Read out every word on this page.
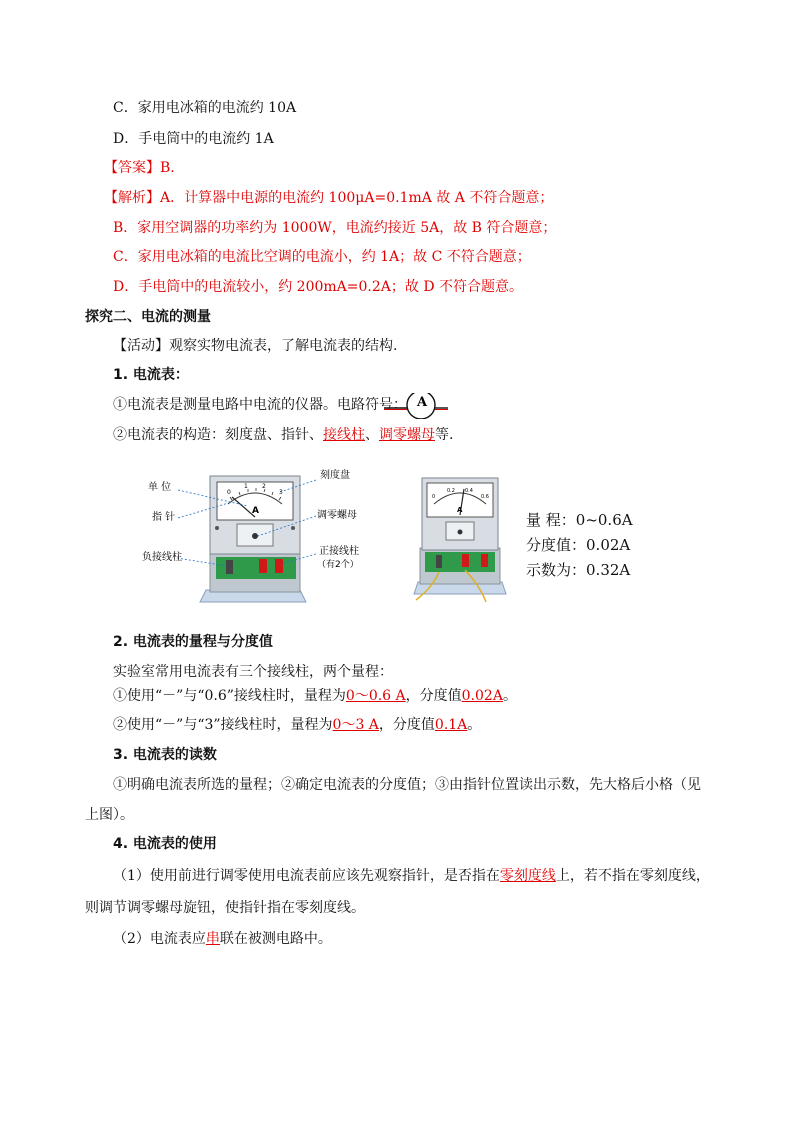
C．家用电冰箱的电流约 10A
D．手电筒中的电流约 1A
【答案】B.
【解析】A．计算器中电源的电流约 100μA=0.1mA 故 A 不符合题意；
B．家用空调器的功率约为 1000W，电流约接近 5A，故 B 符合题意；
C．家用电冰箱的电流比空调的电流小，约 1A；故 C 不符合题意；
D．手电筒中的电流较小，约 200mA=0.2A；故 D 不符合题意。
探究二、电流的测量
【活动】观察实物电流表，了解电流表的结构.
1. 电流表：
①电流表是测量电路中电流的仪器。电路符号： A
②电流表的构造：刻度盘、指针、接线柱、调零螺母等.
0
1 2
3
A
单 位
指 针
负接线柱
刻度盘
调零螺母
正接线柱
（有2个）
0
0.2 0.4
0.6
A
量 程：0~0.6A
分度值：0.02A
示数为：0.32A
2. 电流表的量程与分度值
实验室常用电流表有三个接线柱，两个量程：
①使用“－”与“0.6”接线柱时，量程为0～0.6 A，分度值0.02A。
②使用“－”与“3”接线柱时，量程为0～3 A，分度值0.1A。
3. 电流表的读数
①明确电流表所选的量程；②确定电流表的分度值；③由指针位置读出示数，先大格后小格（见
上图）。
4. 电流表的使用
（1）使用前进行调零使用电流表前应该先观察指针，是否指在零刻度线上，若不指在零刻度线，
则调节调零螺母旋钮，使指针指在零刻度线。
（2）电流表应串联在被测电路中。
